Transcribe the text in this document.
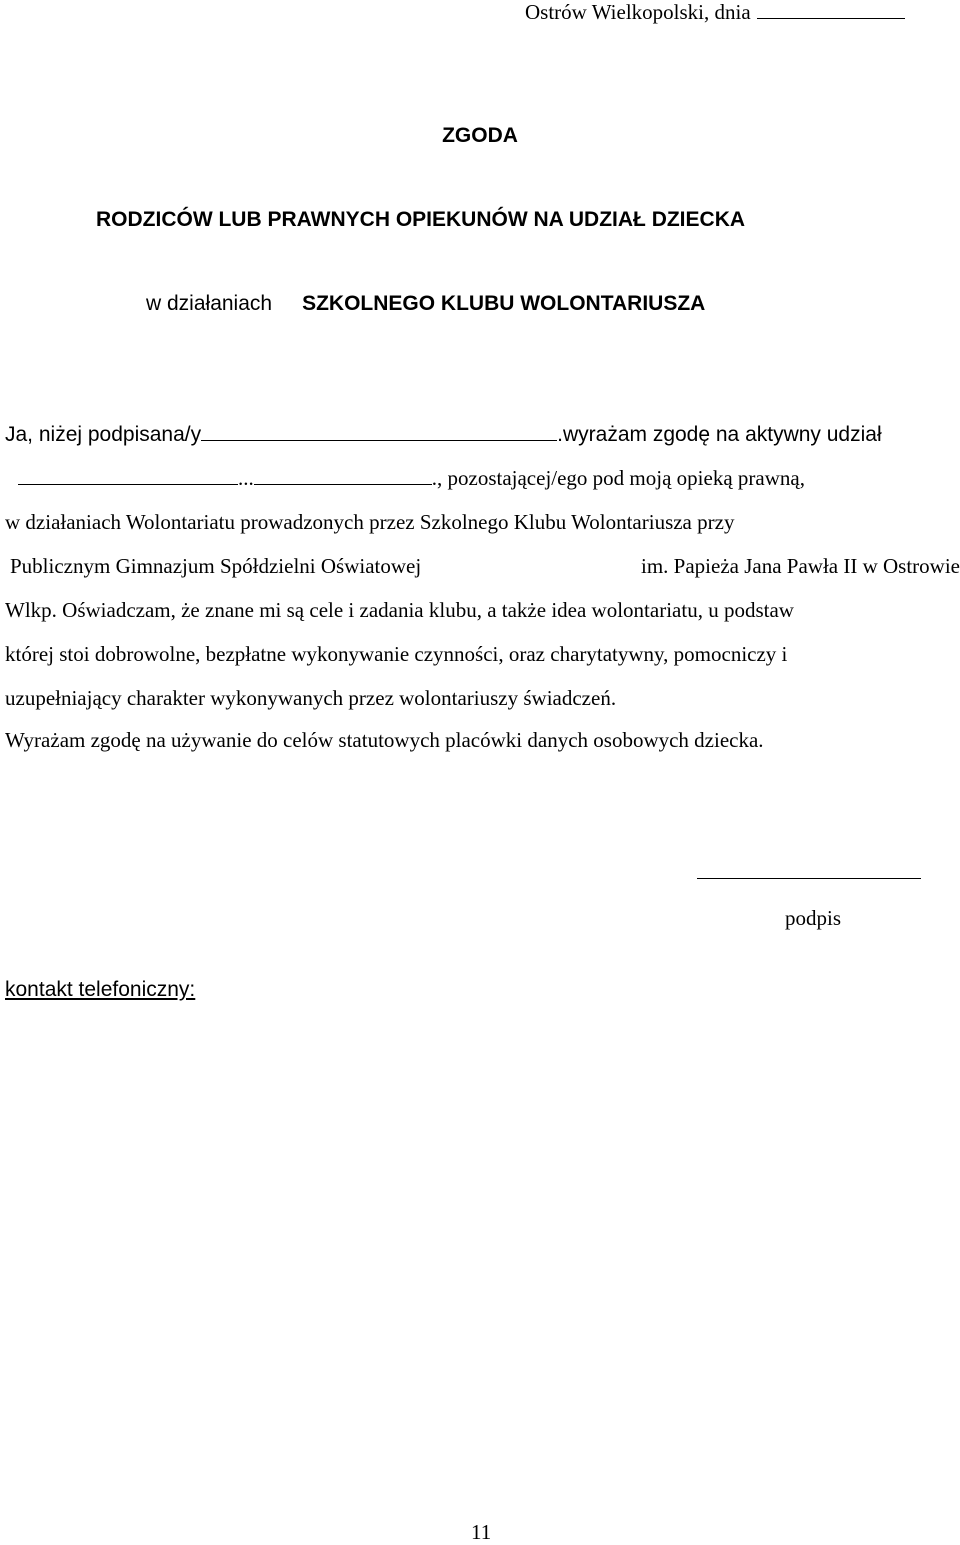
Ostrów Wielkopolski, dnia
ZGODA
RODZICÓW LUB PRAWNYCH OPIEKUNÓW NA UDZIAŁ DZIECKA
w działaniach SZKOLNEGO KLUBU WOLONTARIUSZA
Ja, niżej podpisana/y	.wyrażam zgodę na aktywny udział
...	., pozostającej/ego pod moją opieką prawną,
w działaniach Wolontariatu prowadzonych przez Szkolnego Klubu Wolontariusza przy
Publicznym Gimnazjum Spółdzielni Oświatowej	im. Papieża Jana Pawła II w Ostrowie
Wlkp. Oświadczam, że znane mi są cele i zadania klubu, a także idea wolontariatu, u podstaw
której stoi dobrowolne, bezpłatne wykonywanie czynności, oraz charytatywny, pomocniczy i
uzupełniający charakter wykonywanych przez wolontariuszy świadczeń.
Wyrażam zgodę na używanie do celów statutowych placówki danych osobowych dziecka.
podpis
kontakt telefoniczny:
11
